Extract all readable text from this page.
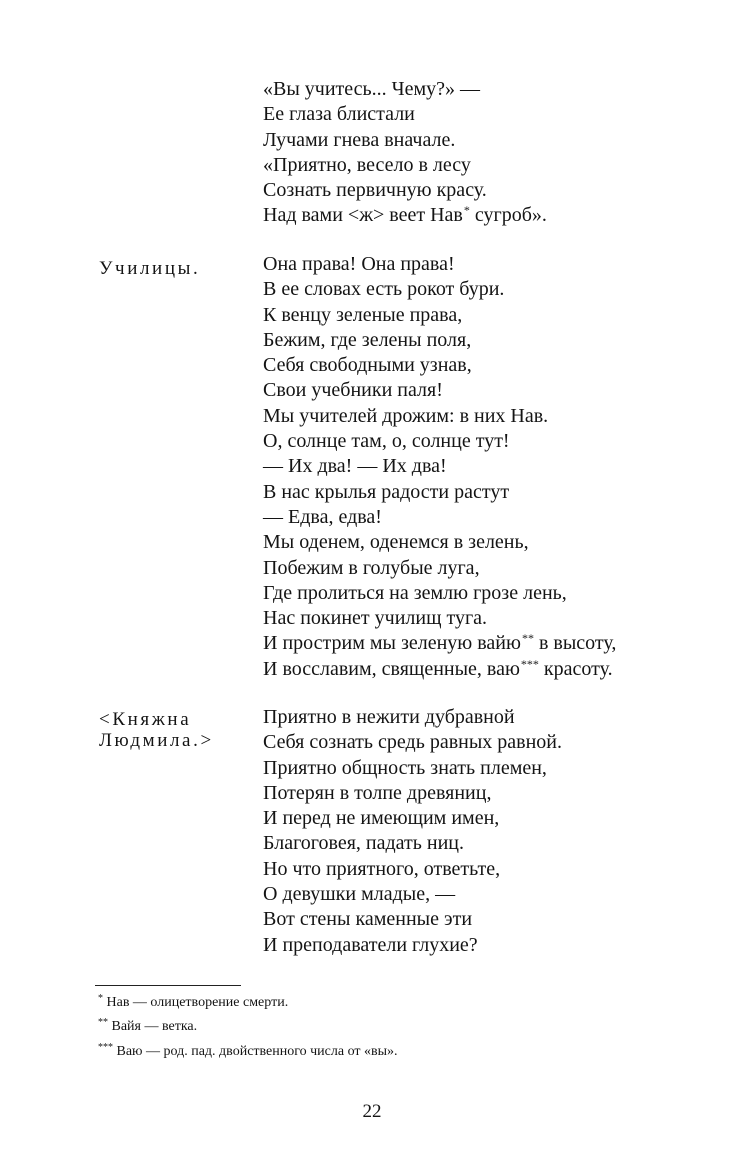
«Вы учитесь... Чему?» —
Ее глаза блистали
Лучами гнева вначале.
«Приятно, весело в лесу
Сознать первичную красу.
Над вами <ж> веет Нав* сугроб».
Училицы.	Она права! Она права!
В ее словах есть рокот бури.
К венцу зеленые права,
Бежим, где зелены поля,
Себя свободными узнав,
Свои учебники паля!
Мы учителей дрожим: в них Нав.
О, солнце там, о, солнце тут!
— Их два! — Их два!
В нас крылья радости растут
— Едва, едва!
Мы оденем, оденемся в зелень,
Побежим в голубые луга,
Где пролиться на землю грозе лень,
Нас покинет училищ туга.
И прострим мы зеленую вайю** в высоту,
И восславим, священные, ваю*** красоту.
<Княжна
Людмила.>
Приятно в нежити дубравной
Себя сознать средь равных равной.
Приятно общность знать племен,
Потерян в толпе древяниц,
И перед не имеющим имен,
Благоговея, падать ниц.
Но что приятного, ответьте,
О девушки младые, —
Вот стены каменные эти
И преподаватели глухие?
* Нав — олицетворение смерти.
** Вайя — ветка.
*** Ваю — род. пад. двойственного числа от «вы».
22
